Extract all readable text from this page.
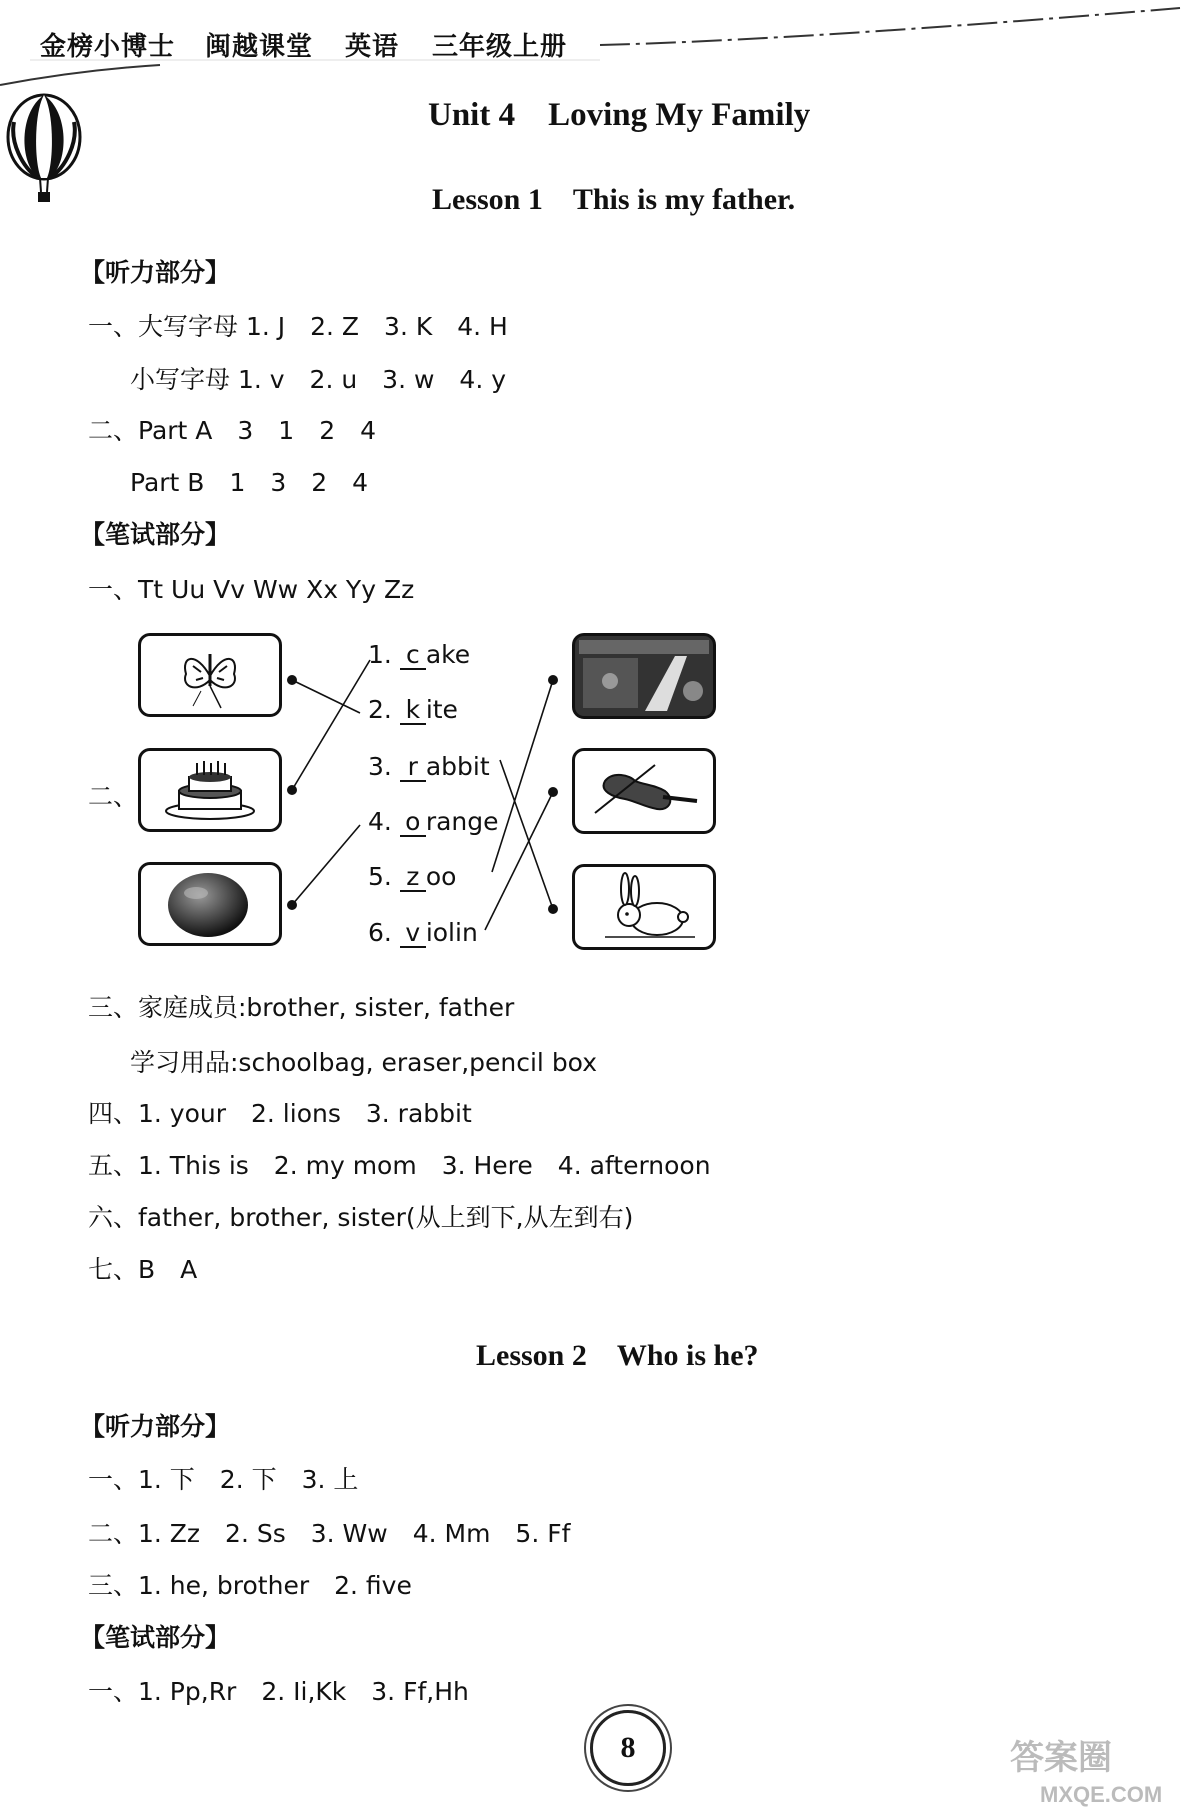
金榜小博士 闽越课堂 英语 三年级上册
Unit 4　Loving My Family
Lesson 1　This is my father.
【听力部分】
一、大写字母 1. J　2. Z　3. K　4. H
小写字母 1. v　2. u　3. w　4. y
二、Part A　3　1　2　4
Part B　1　3　2　4
【笔试部分】
一、Tt Uu Vv Ww Xx Yy Zz
二、
1. c ake
2. k ite
3. r abbit
4. o range
5. z oo
6. v iolin
三、家庭成员:brother, sister, father
学习用品:schoolbag, eraser,pencil box
四、1. your　2. lions　3. rabbit
五、1. This is　2. my mom　3. Here　4. afternoon
六、father, brother, sister(从上到下,从左到右)
七、B　A
Lesson 2　Who is he?
【听力部分】
一、1. 下　2. 下　3. 上
二、1. Zz　2. Ss　3. Ww　4. Mm　5. Ff
三、1. he, brother　2. five
【笔试部分】
一、1. Pp,Rr　2. Ii,Kk　3. Ff,Hh
8	答案圈
MXQE.COM
